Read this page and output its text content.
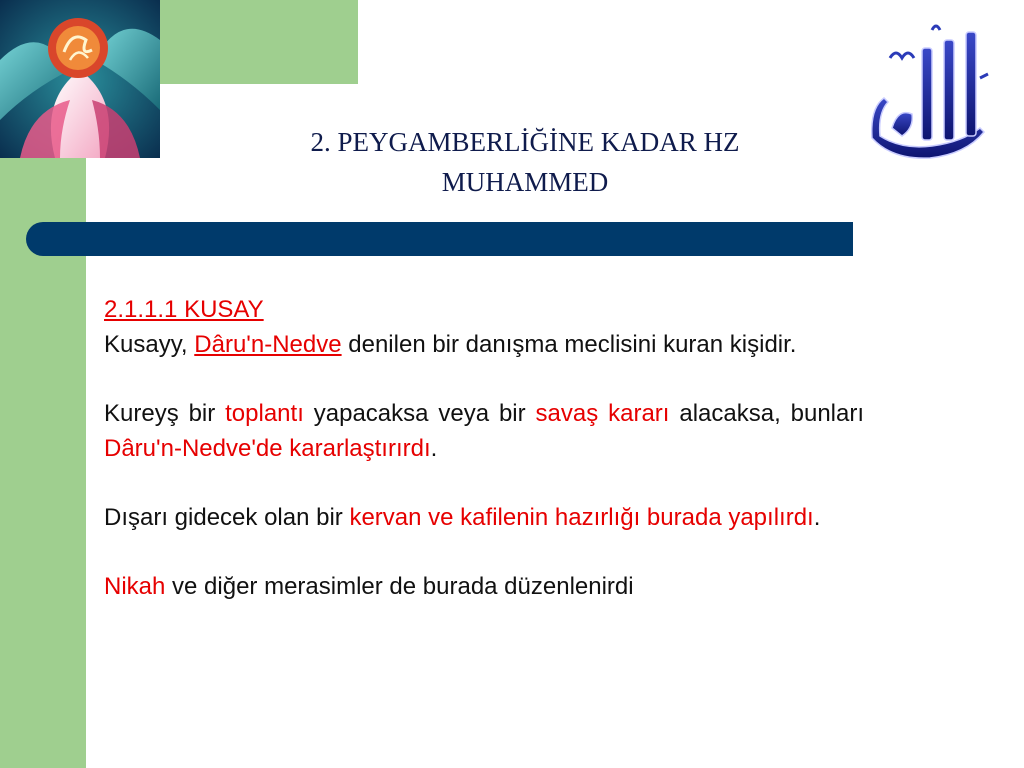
2. PEYGAMBERLİĞİNE KADAR HZ
MUHAMMED

2.1.1.1 KUSAY

Kusayy, Dâru'n-Nedve denilen bir danışma meclisini kuran kişidir.

Kureyş bir toplantı yapacaksa veya bir savaş kararı alacaksa, bunları Dâru'n-Nedve'de kararlaştırırdı.

Dışarı gidecek olan bir kervan ve kafilenin hazırlığı burada yapılırdı.

Nikah ve diğer merasimler de burada düzenlenirdi
